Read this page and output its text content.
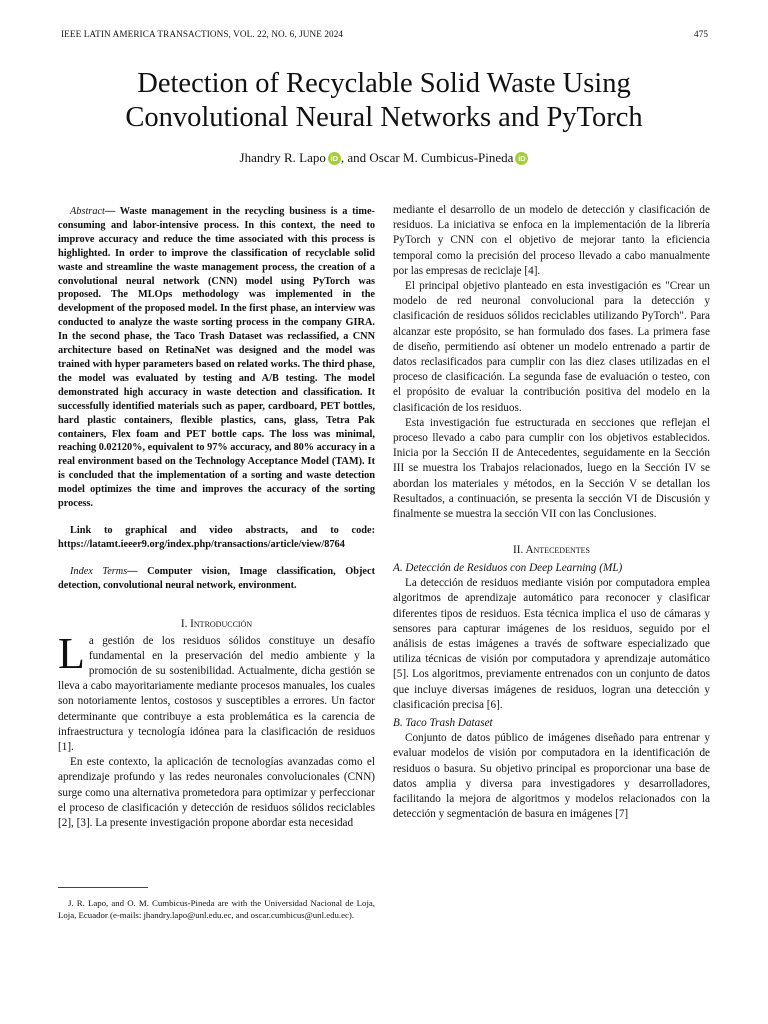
IEEE LATIN AMERICA TRANSACTIONS, VOL. 22, NO. 6, JUNE 2024	475
Detection of Recyclable Solid Waste Using
Convolutional Neural Networks and PyTorch
Jhandry R. Lapo iD , and Oscar M. Cumbicus-Pineda iD

Abstract— Waste management in the recycling business is a time-consuming and labor-intensive process. In this context, the need to improve accuracy and reduce the time associated with this process is highlighted. In order to improve the classification of recyclable solid waste and streamline the waste management process, the creation of a convolutional neural network (CNN) model using PyTorch was proposed. The MLOps methodology was implemented in the development of the proposed model. In the first phase, an interview was conducted to analyze the waste sorting process in the company GIRA. In the second phase, the Taco Trash Dataset was reclassified, a CNN architecture based on RetinaNet was designed and the model was trained with hyper parameters based on related works. The third phase, the model was evaluated by testing and A/B testing. The model demonstrated high accuracy in waste detection and classification. It successfully identified materials such as paper, cardboard, PET bottles, hard plastic containers, flexible plastics, cans, glass, Tetra Pak containers, Flex foam and PET bottle caps. The loss was minimal, reaching 0.02120%, equivalent to 97% accuracy, and 80% accuracy in a real environment based on the Technology Acceptance Model (TAM). It is concluded that the implementation of a sorting and waste detection model optimizes the time and improves the accuracy of the sorting process.

Link to graphical and video abstracts, and to code: https://latamt.ieeer9.org/index.php/transactions/article/view/8764

Index Terms— Computer vision, Image classification, Object detection, convolutional neural network, environment.

I. Introducción

La gestión de los residuos sólidos constituye un desafío fundamental en la preservación del medio ambiente y la promoción de su sostenibilidad. Actualmente, dicha gestión se lleva a cabo mayoritariamente mediante procesos manuales, los cuales son notoriamente lentos, costosos y susceptibles a errores. Un factor determinante que contribuye a esta problemática es la carencia de infraestructura y tecnología idónea para la clasificación de residuos [1].

En este contexto, la aplicación de tecnologías avanzadas como el aprendizaje profundo y las redes neuronales convolucionales (CNN) surge como una alternativa prometedora para optimizar y perfeccionar el proceso de clasificación y detección de residuos sólidos reciclables [2], [3]. La presente investigación propone abordar esta necesidad

J. R. Lapo, and O. M. Cumbicus-Pineda are with the Universidad Nacional de Loja, Loja, Ecuador (e-mails: jhandry.lapo@unl.edu.ec, and oscar.cumbicus@unl.edu.ec).

mediante el desarrollo de un modelo de detección y clasificación de residuos. La iniciativa se enfoca en la implementación de la librería PyTorch y CNN con el objetivo de mejorar tanto la eficiencia temporal como la precisión del proceso llevado a cabo manualmente por las empresas de reciclaje [4].

El principal objetivo planteado en esta investigación es "Crear un modelo de red neuronal convolucional para la detección y clasificación de residuos sólidos reciclables utilizando PyTorch". Para alcanzar este propósito, se han formulado dos fases. La primera fase de diseño, permitiendo así obtener un modelo entrenado a partir de datos reclasificados para cumplir con las diez clases utilizadas en el proceso de clasificación. La segunda fase de evaluación o testeo, con el propósito de evaluar la contribución positiva del modelo en la clasificación de los residuos.

Esta investigación fue estructurada en secciones que reflejan el proceso llevado a cabo para cumplir con los objetivos establecidos. Inicia por la Sección II de Antecedentes, seguidamente en la Sección III se muestra los Trabajos relacionados, luego en la Sección IV se abordan los materiales y métodos, en la Sección V se detallan los Resultados, a continuación, se presenta la sección VI de Discusión y finalmente se muestra la sección VII con las Conclusiones.

II. Antecedentes
A. Detección de Residuos con Deep Learning (ML)

La detección de residuos mediante visión por computadora emplea algoritmos de aprendizaje automático para reconocer y clasificar diferentes tipos de residuos. Esta técnica implica el uso de cámaras y sensores para capturar imágenes de los residuos, seguido por el análisis de estas imágenes a través de software especializado que utiliza técnicas de visión por computadora y aprendizaje automático [5]. Los algoritmos, previamente entrenados con un conjunto de datos que incluye diversas imágenes de residuos, logran una detección y clasificación precisa [6].

B. Taco Trash Dataset

Conjunto de datos público de imágenes diseñado para entrenar y evaluar modelos de visión por computadora en la identificación de residuos o basura. Su objetivo principal es proporcionar una base de datos amplia y diversa para investigadores y desarrolladores, facilitando la mejora de algoritmos y modelos relacionados con la detección y segmentación de basura en imágenes [7]
